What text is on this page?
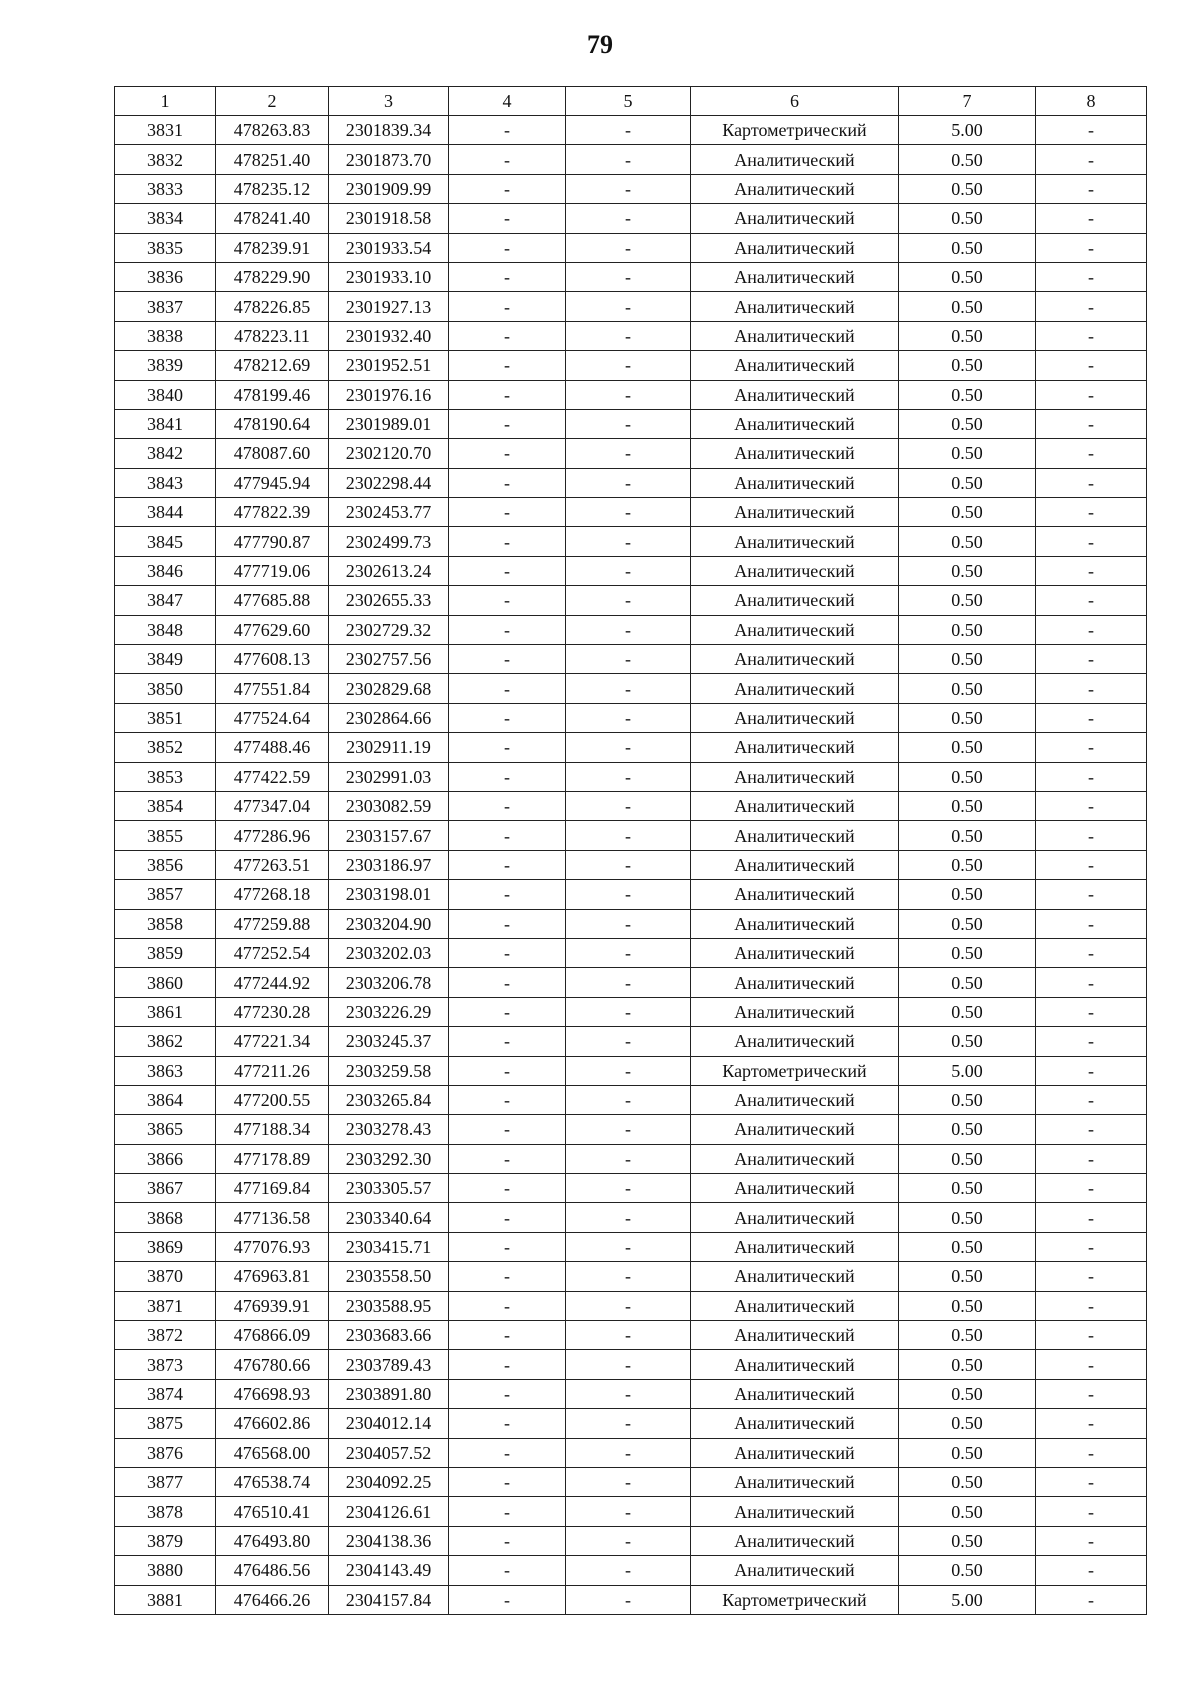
79
1	2	3	4	5	6	7	8
3831	478263.83	2301839.34	-	-	Картометрический	5.00	-
3832	478251.40	2301873.70	-	-	Аналитический	0.50	-
3833	478235.12	2301909.99	-	-	Аналитический	0.50	-
3834	478241.40	2301918.58	-	-	Аналитический	0.50	-
3835	478239.91	2301933.54	-	-	Аналитический	0.50	-
3836	478229.90	2301933.10	-	-	Аналитический	0.50	-
3837	478226.85	2301927.13	-	-	Аналитический	0.50	-
3838	478223.11	2301932.40	-	-	Аналитический	0.50	-
3839	478212.69	2301952.51	-	-	Аналитический	0.50	-
3840	478199.46	2301976.16	-	-	Аналитический	0.50	-
3841	478190.64	2301989.01	-	-	Аналитический	0.50	-
3842	478087.60	2302120.70	-	-	Аналитический	0.50	-
3843	477945.94	2302298.44	-	-	Аналитический	0.50	-
3844	477822.39	2302453.77	-	-	Аналитический	0.50	-
3845	477790.87	2302499.73	-	-	Аналитический	0.50	-
3846	477719.06	2302613.24	-	-	Аналитический	0.50	-
3847	477685.88	2302655.33	-	-	Аналитический	0.50	-
3848	477629.60	2302729.32	-	-	Аналитический	0.50	-
3849	477608.13	2302757.56	-	-	Аналитический	0.50	-
3850	477551.84	2302829.68	-	-	Аналитический	0.50	-
3851	477524.64	2302864.66	-	-	Аналитический	0.50	-
3852	477488.46	2302911.19	-	-	Аналитический	0.50	-
3853	477422.59	2302991.03	-	-	Аналитический	0.50	-
3854	477347.04	2303082.59	-	-	Аналитический	0.50	-
3855	477286.96	2303157.67	-	-	Аналитический	0.50	-
3856	477263.51	2303186.97	-	-	Аналитический	0.50	-
3857	477268.18	2303198.01	-	-	Аналитический	0.50	-
3858	477259.88	2303204.90	-	-	Аналитический	0.50	-
3859	477252.54	2303202.03	-	-	Аналитический	0.50	-
3860	477244.92	2303206.78	-	-	Аналитический	0.50	-
3861	477230.28	2303226.29	-	-	Аналитический	0.50	-
3862	477221.34	2303245.37	-	-	Аналитический	0.50	-
3863	477211.26	2303259.58	-	-	Картометрический	5.00	-
3864	477200.55	2303265.84	-	-	Аналитический	0.50	-
3865	477188.34	2303278.43	-	-	Аналитический	0.50	-
3866	477178.89	2303292.30	-	-	Аналитический	0.50	-
3867	477169.84	2303305.57	-	-	Аналитический	0.50	-
3868	477136.58	2303340.64	-	-	Аналитический	0.50	-
3869	477076.93	2303415.71	-	-	Аналитический	0.50	-
3870	476963.81	2303558.50	-	-	Аналитический	0.50	-
3871	476939.91	2303588.95	-	-	Аналитический	0.50	-
3872	476866.09	2303683.66	-	-	Аналитический	0.50	-
3873	476780.66	2303789.43	-	-	Аналитический	0.50	-
3874	476698.93	2303891.80	-	-	Аналитический	0.50	-
3875	476602.86	2304012.14	-	-	Аналитический	0.50	-
3876	476568.00	2304057.52	-	-	Аналитический	0.50	-
3877	476538.74	2304092.25	-	-	Аналитический	0.50	-
3878	476510.41	2304126.61	-	-	Аналитический	0.50	-
3879	476493.80	2304138.36	-	-	Аналитический	0.50	-
3880	476486.56	2304143.49	-	-	Аналитический	0.50	-
3881	476466.26	2304157.84	-	-	Картометрический	5.00	-
